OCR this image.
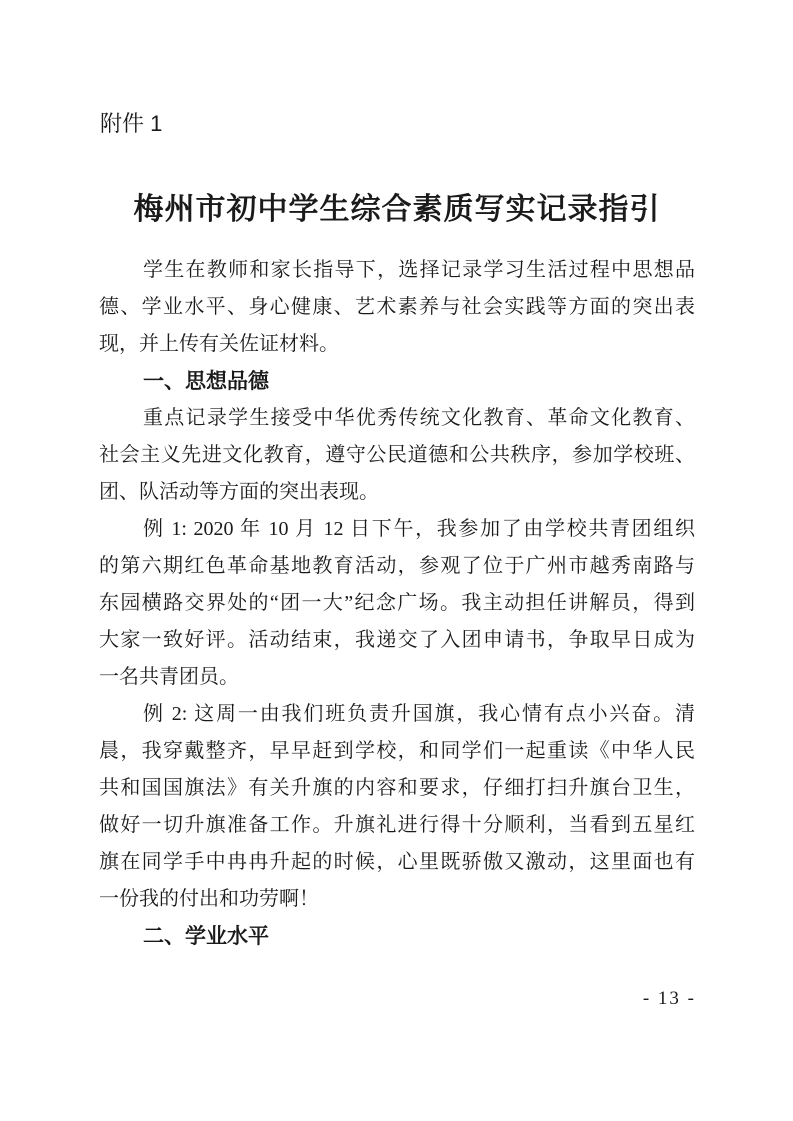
附件 1
梅州市初中学生综合素质写实记录指引
学生在教师和家长指导下，选择记录学习生活过程中思想品
德、学业水平、身心健康、艺术素养与社会实践等方面的突出表
现，并上传有关佐证材料。
一、思想品德
重点记录学生接受中华优秀传统文化教育、革命文化教育、
社会主义先进文化教育，遵守公民道德和公共秩序，参加学校班、
团、队活动等方面的突出表现。
例 1: 2020 年 10 月 12 日下午，我参加了由学校共青团组织
的第六期红色革命基地教育活动，参观了位于广州市越秀南路与
东园横路交界处的“团一大”纪念广场。我主动担任讲解员，得到
大家一致好评。活动结束，我递交了入团申请书，争取早日成为
一名共青团员。
例 2: 这周一由我们班负责升国旗，我心情有点小兴奋。清
晨，我穿戴整齐，早早赶到学校，和同学们一起重读《中华人民
共和国国旗法》有关升旗的内容和要求，仔细打扫升旗台卫生，
做好一切升旗准备工作。升旗礼进行得十分顺利，当看到五星红
旗在同学手中冉冉升起的时候，心里既骄傲又激动，这里面也有
一份我的付出和功劳啊！
二、学业水平
- 13 -
